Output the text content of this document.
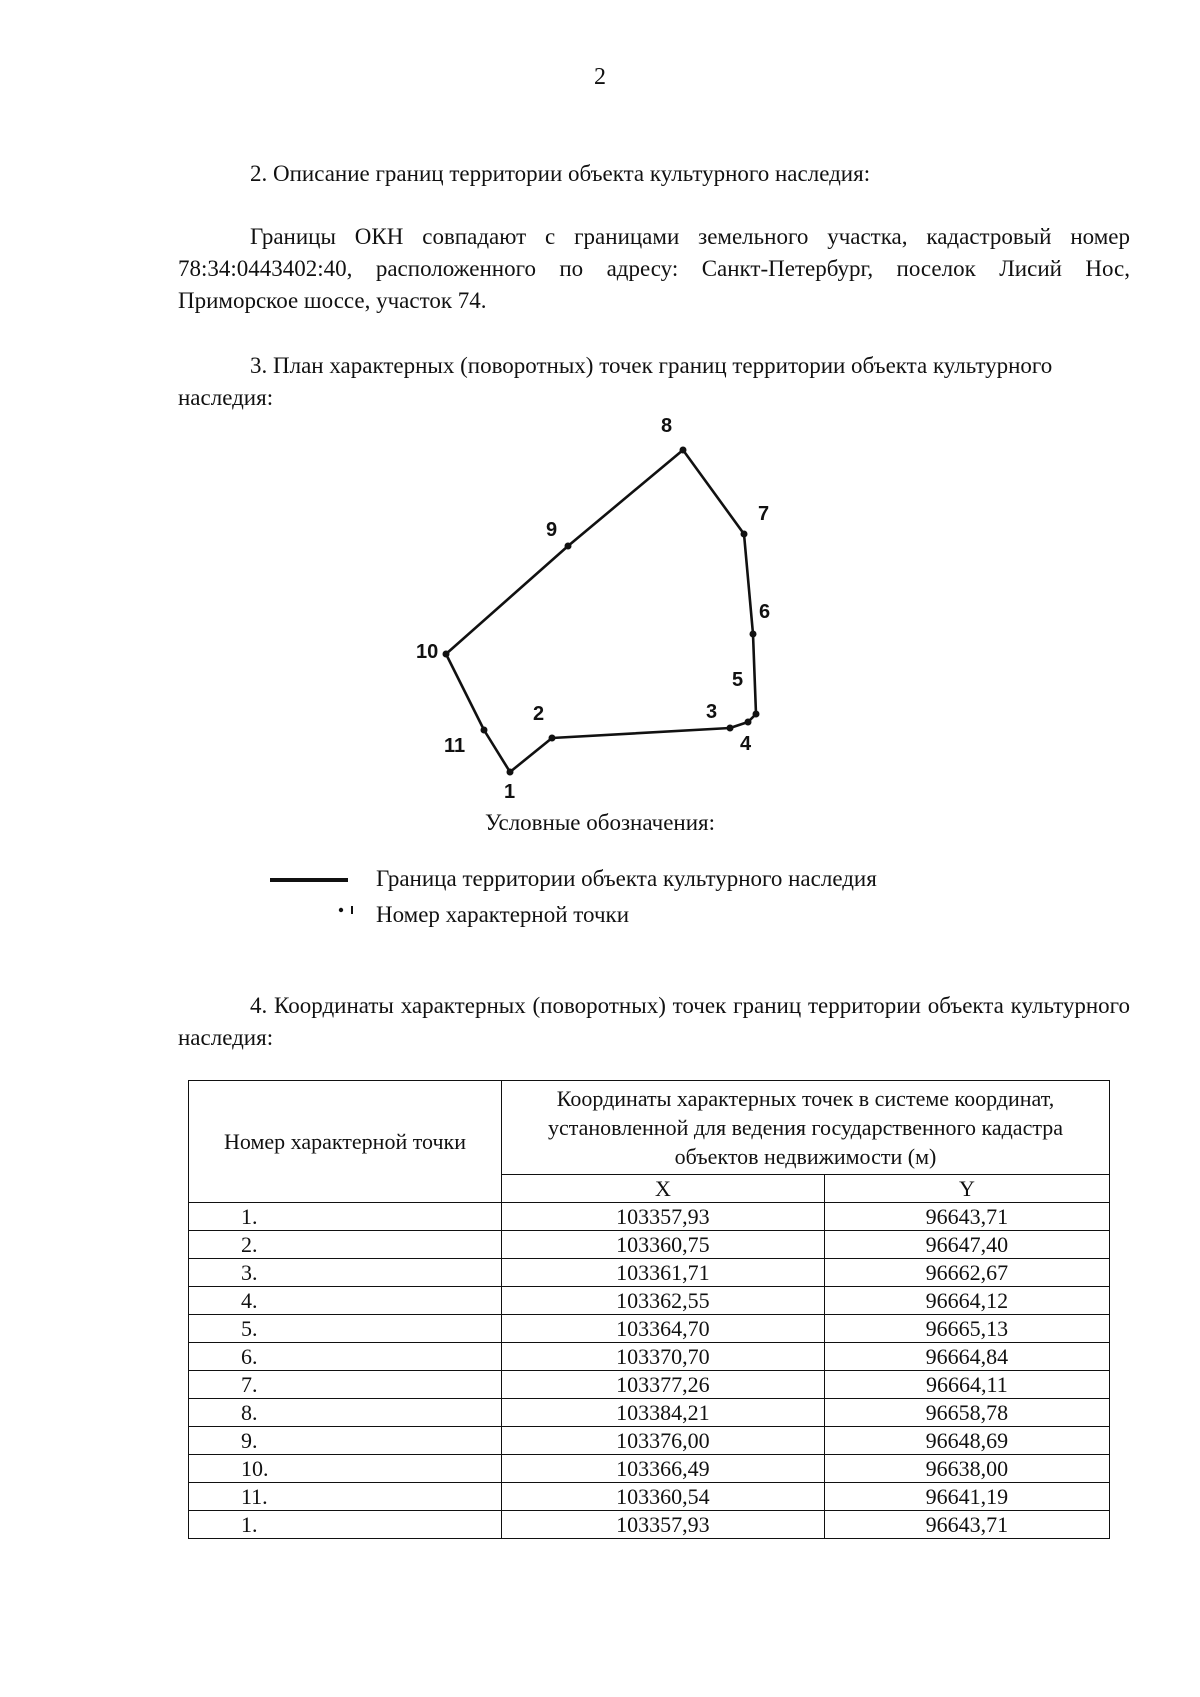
2

2. Описание границ территории объекта культурного наследия:

Границы ОКН совпадают с границами земельного участка, кадастровый номер 78:34:0443402:40, расположенного по адресу: Санкт-Петербург, поселок Лисий Нос, Приморское шоссе, участок 74.

3. План характерных (поворотных) точек границ территории объекта культурного наследия:

1
2	3
4
5
6
7
8
9
10
11
Условные обозначения:
Граница территории объекта культурного наследия
Номер характерной точки

4. Координаты характерных (поворотных) точек границ территории объекта культурного наследия:

Номер характерной точки	Координаты характерных точек в системе координат, установленной для ведения государственного кадастра объектов недвижимости (м)	
	X	Y
1.	103357,93	96643,71
2.	103360,75	96647,40
3.	103361,71	96662,67
4.	103362,55	96664,12
5.	103364,70	96665,13
6.	103370,70	96664,84
7.	103377,26	96664,11
8.	103384,21	96658,78
9.	103376,00	96648,69
10.	103366,49	96638,00
11.	103360,54	96641,19
1.	103357,93	96643,71
